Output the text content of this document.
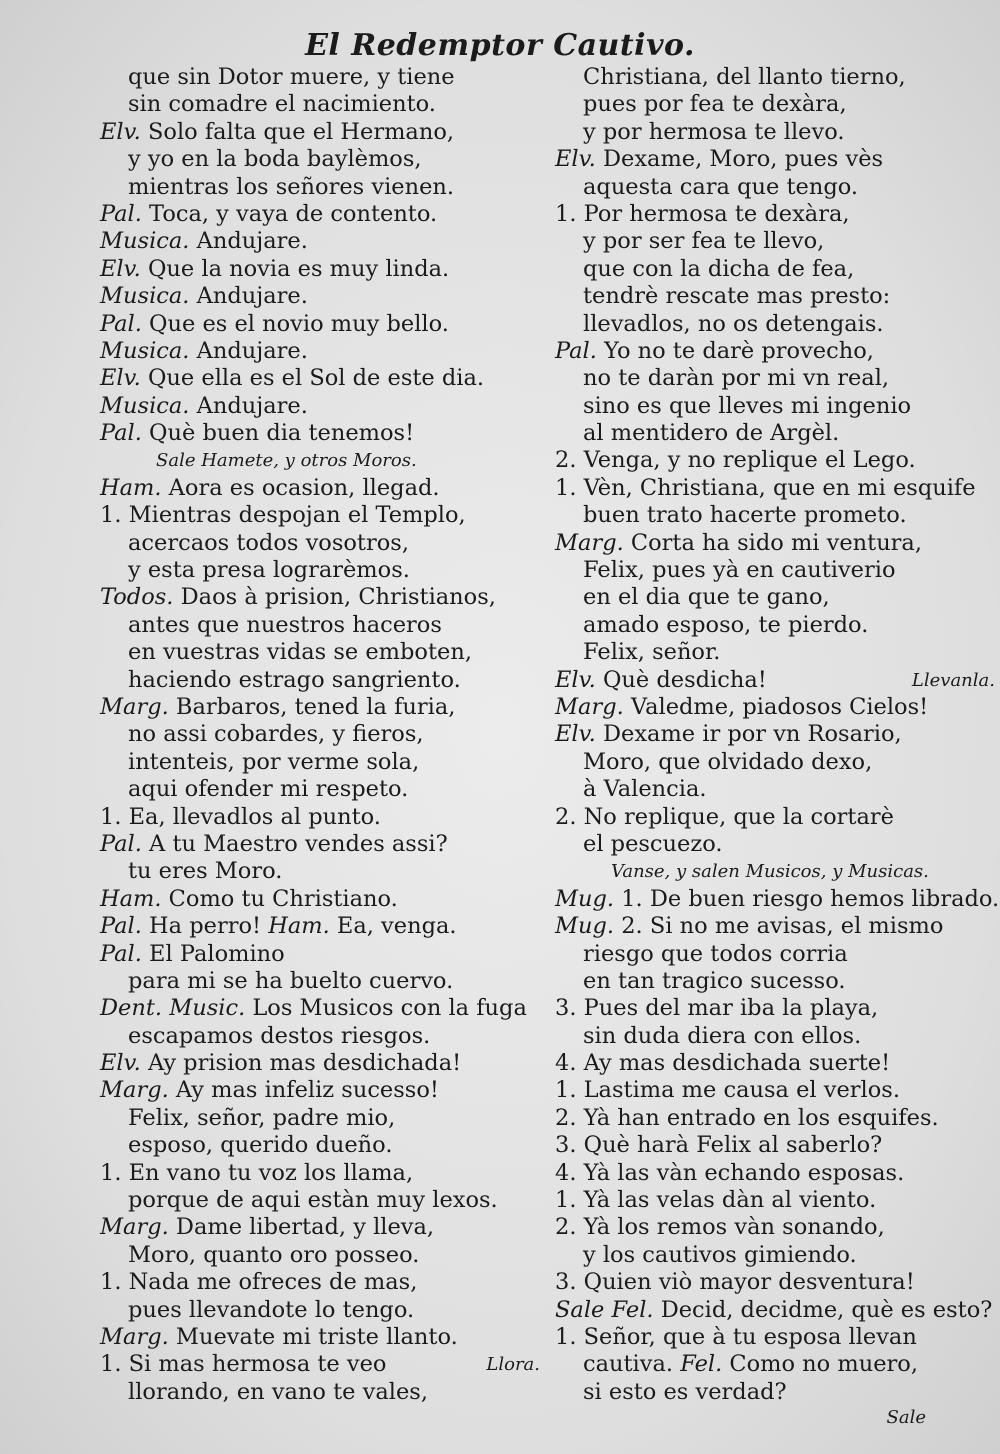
El Redemptor Cautivo.
que sin Dotor muere, y tiene
sin comadre el nacimiento.
Elv. Solo falta que el Hermano,
y yo en la boda baylèmos,
mientras los señores vienen.
Pal. Toca, y vaya de contento.
Musica. Andujare.
Elv. Que la novia es muy linda.
Musica. Andujare.
Pal. Que es el novio muy bello.
Musica. Andujare.
Elv. Que ella es el Sol de este dia.
Musica. Andujare.
Pal. Què buen dia tenemos!
Sale Hamete, y otros Moros.
Ham. Aora es ocasion, llegad.
1. Mientras despojan el Templo,
acercaos todos vosotros,
y esta presa lograrèmos.
Todos. Daos à prision, Christianos,
antes que nuestros haceros
en vuestras vidas se emboten,
haciendo estrago sangriento.
Marg. Barbaros, tened la furia,
no assi cobardes, y fieros,
intenteis, por verme sola,
aqui ofender mi respeto.
1. Ea, llevadlos al punto.
Pal. A tu Maestro vendes assi?
tu eres Moro.
Ham. Como tu Christiano.
Pal. Ha perro! Ham. Ea, venga.
Pal. El Palomino
para mi se ha buelto cuervo.
Dent. Music. Los Musicos con la fuga
escapamos destos riesgos.
Elv. Ay prision mas desdichada!
Marg. Ay mas infeliz sucesso!
Felix, señor, padre mio,
esposo, querido dueño.
1. En vano tu voz los llama,
porque de aqui estàn muy lexos.
Marg. Dame libertad, y lleva,
Moro, quanto oro posseo.
1. Nada me ofreces de mas,
pues llevandote lo tengo.
Marg. Muevate mi triste llanto.
1. Si mas hermosa te veo	Llora.
llorando, en vano te vales,
Christiana, del llanto tierno,
pues por fea te dexàra,
y por hermosa te llevo.
Elv. Dexame, Moro, pues vès
aquesta cara que tengo.
1. Por hermosa te dexàra,
y por ser fea te llevo,
que con la dicha de fea,
tendrè rescate mas presto:
llevadlos, no os detengais.
Pal. Yo no te darè provecho,
no te daràn por mi vn real,
sino es que lleves mi ingenio
al mentidero de Argèl.
2. Venga, y no replique el Lego.
1. Vèn, Christiana, que en mi esquife
buen trato hacerte prometo.
Marg. Corta ha sido mi ventura,
Felix, pues yà en cautiverio
en el dia que te gano,
amado esposo, te pierdo.
Felix, señor.
Elv. Què desdicha!	Llevanla.
Marg. Valedme, piadosos Cielos!
Elv. Dexame ir por vn Rosario,
Moro, que olvidado dexo,
à Valencia.
2. No replique, que la cortarè
el pescuezo.
Vanse, y salen Musicos, y Musicas.
Mug. 1. De buen riesgo hemos librado.
Mug. 2. Si no me avisas, el mismo
riesgo que todos corria
en tan tragico sucesso.
3. Pues del mar iba la playa,
sin duda diera con ellos.
4. Ay mas desdichada suerte!
1. Lastima me causa el verlos.
2. Yà han entrado en los esquifes.
3. Què harà Felix al saberlo?
4. Yà las vàn echando esposas.
1. Yà las velas dàn al viento.
2. Yà los remos vàn sonando,
y los cautivos gimiendo.
3. Quien viò mayor desventura!
Sale Fel. Decid, decidme, què es esto?
1. Señor, que à tu esposa llevan
cautiva. Fel. Como no muero,
si esto es verdad?
Sale
